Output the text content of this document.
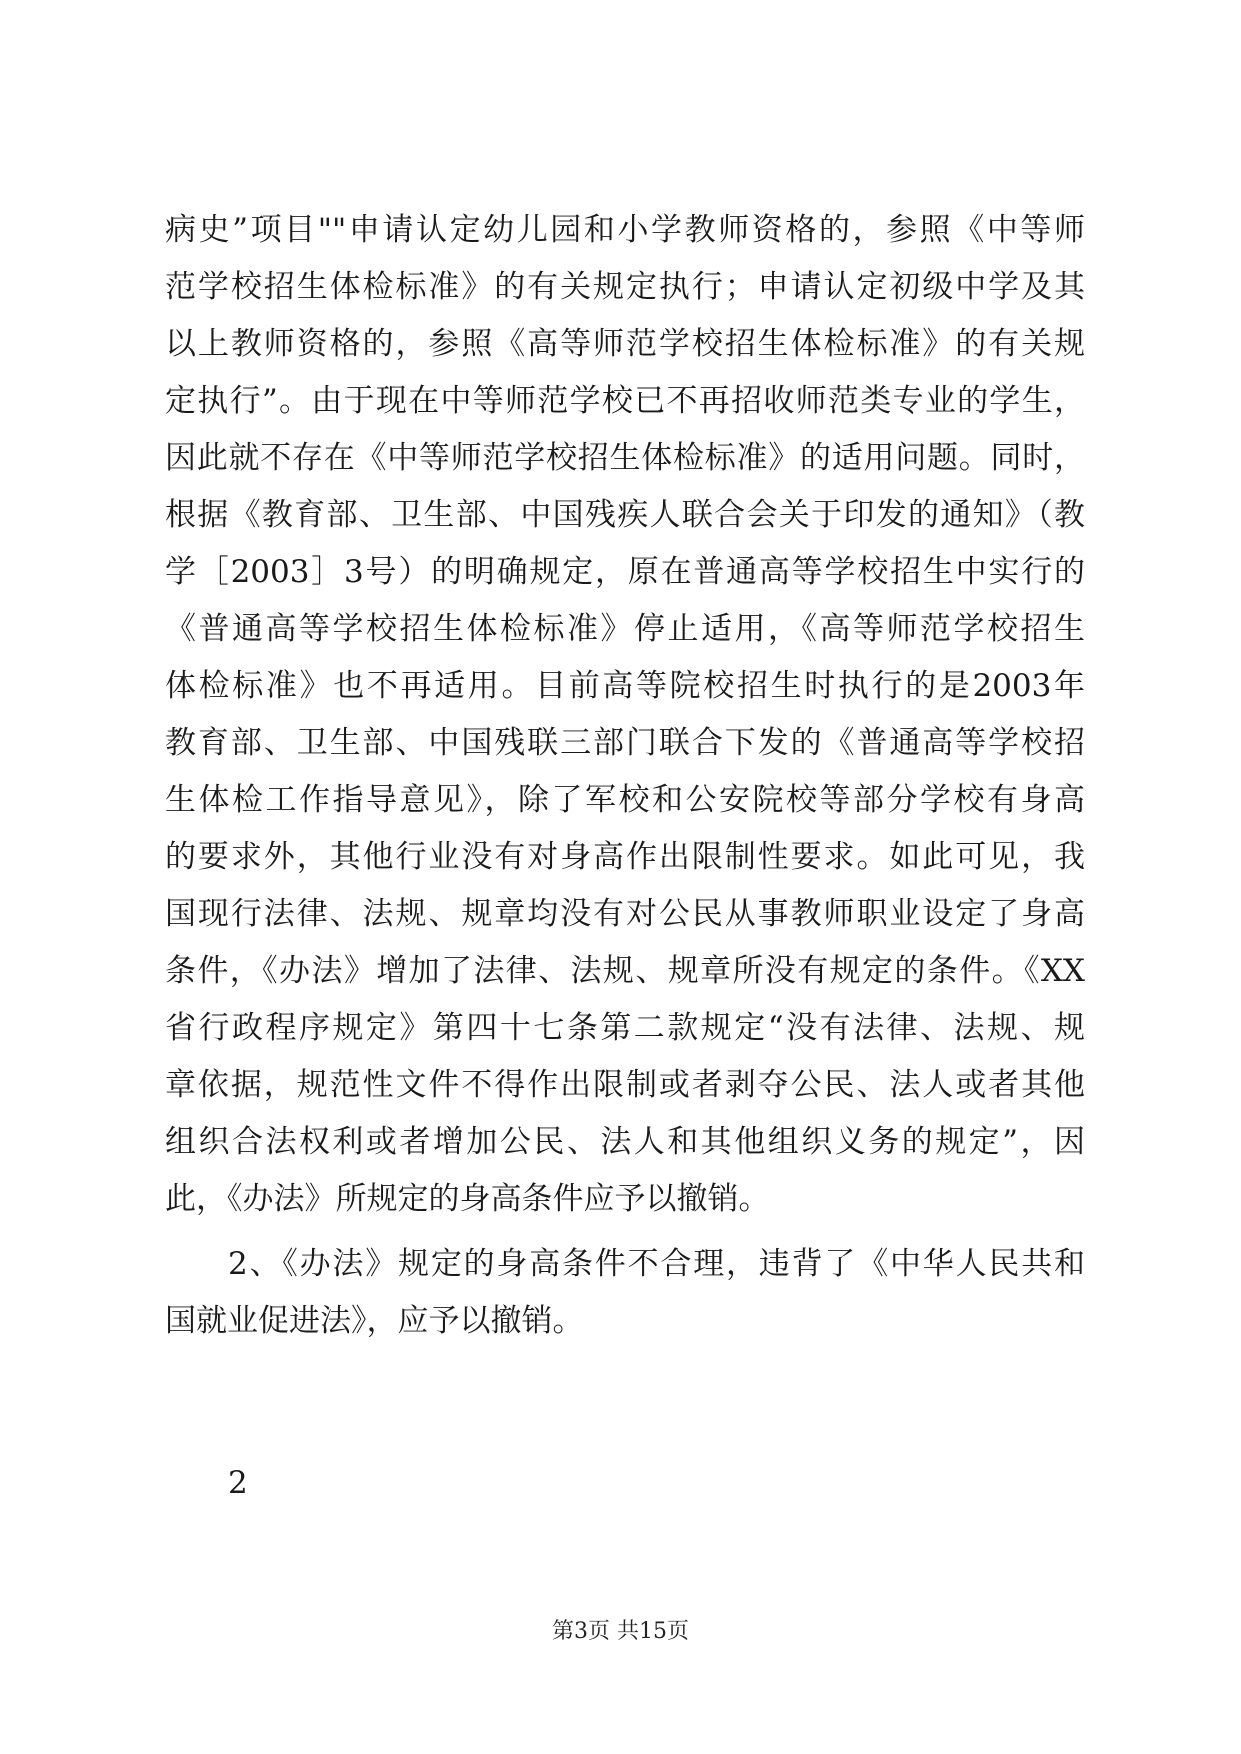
病史”项目""申请认定幼儿园和小学教师资格的，参照《中等师
范学校招生体检标准》的有关规定执行；申请认定初级中学及其
以上教师资格的，参照《高等师范学校招生体检标准》的有关规
定执行”。由于现在中等师范学校已不再招收师范类专业的学生，
因此就不存在《中等师范学校招生体检标准》的适用问题。同时，
根据《教育部、卫生部、中国残疾人联合会关于印发的通知》（教
学［2003］3号）的明确规定，原在普通高等学校招生中实行的
《普通高等学校招生体检标准》停止适用，《高等师范学校招生
体检标准》也不再适用。目前高等院校招生时执行的是2003年
教育部、卫生部、中国残联三部门联合下发的《普通高等学校招
生体检工作指导意见》，除了军校和公安院校等部分学校有身高
的要求外，其他行业没有对身高作出限制性要求。如此可见，我
国现行法律、法规、规章均没有对公民从事教师职业设定了身高
条件，《办法》增加了法律、法规、规章所没有规定的条件。《XX
省行政程序规定》第四十七条第二款规定“没有法律、法规、规
章依据，规范性文件不得作出限制或者剥夺公民、法人或者其他
组织合法权利或者增加公民、法人和其他组织义务的规定”，因
此，《办法》所规定的身高条件应予以撤销。
2、《办法》规定的身高条件不合理，违背了《中华人民共和
国就业促进法》，应予以撤销。
2
第3页 共15页
